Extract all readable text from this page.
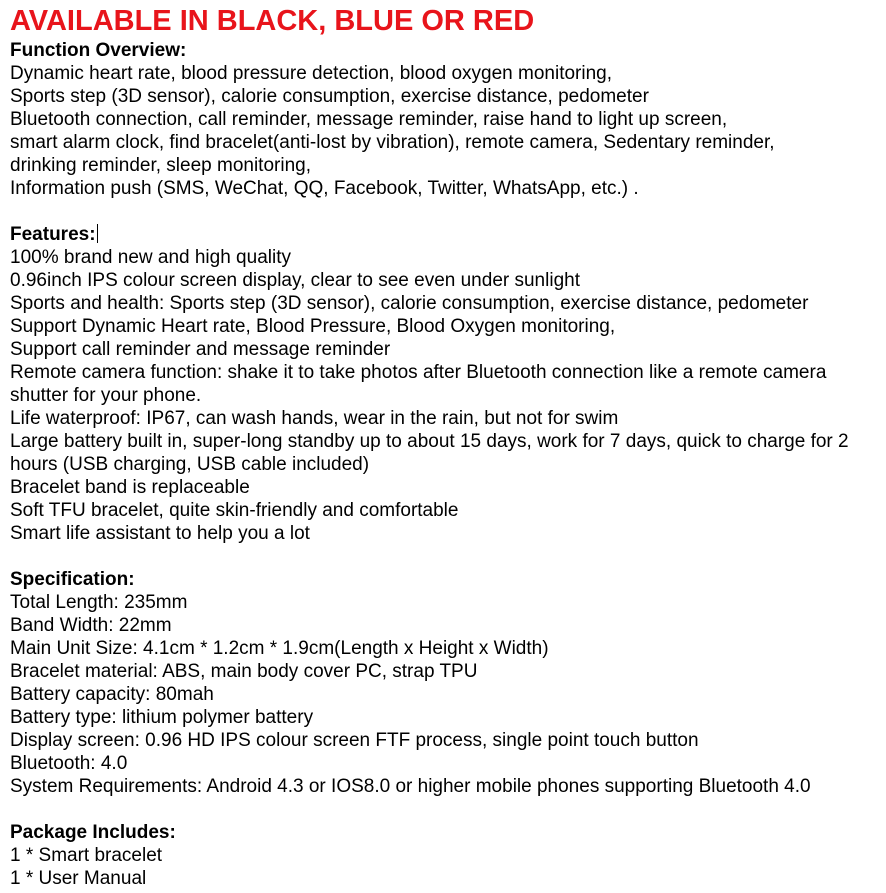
AVAILABLE IN BLACK, BLUE OR RED
Function Overview:
Dynamic heart rate, blood pressure detection, blood oxygen monitoring,
Sports step (3D sensor), calorie consumption, exercise distance, pedometer
Bluetooth connection, call reminder, message reminder, raise hand to light up screen,
smart alarm clock, find bracelet(anti-lost by vibration), remote camera, Sedentary reminder,
drinking reminder, sleep monitoring,
Information push (SMS, WeChat, QQ, Facebook, Twitter, WhatsApp, etc.) .
Features:
100% brand new and high quality
0.96inch IPS colour screen display, clear to see even under sunlight
Sports and health: Sports step (3D sensor), calorie consumption, exercise distance, pedometer
Support Dynamic Heart rate, Blood Pressure, Blood Oxygen monitoring,
Support call reminder and message reminder
Remote camera function: shake it to take photos after Bluetooth connection like a remote camera shutter for your phone.
Life waterproof: IP67, can wash hands, wear in the rain, but not for swim
Large battery built in, super-long standby up to about 15 days, work for 7 days, quick to charge for 2 hours (USB charging, USB cable included)
Bracelet band is replaceable
Soft TFU bracelet, quite skin-friendly and comfortable
Smart life assistant to help you a lot
Specification:
Total Length: 235mm
Band Width: 22mm
Main Unit Size: 4.1cm * 1.2cm * 1.9cm(Length x Height x Width)
Bracelet material: ABS, main body cover PC, strap TPU
Battery capacity: 80mah
Battery type: lithium polymer battery
Display screen: 0.96 HD IPS colour screen FTF process, single point touch button
Bluetooth: 4.0
System Requirements: Android 4.3 or IOS8.0 or higher mobile phones supporting Bluetooth 4.0
Package Includes:
1 * Smart bracelet
1 * User Manual
